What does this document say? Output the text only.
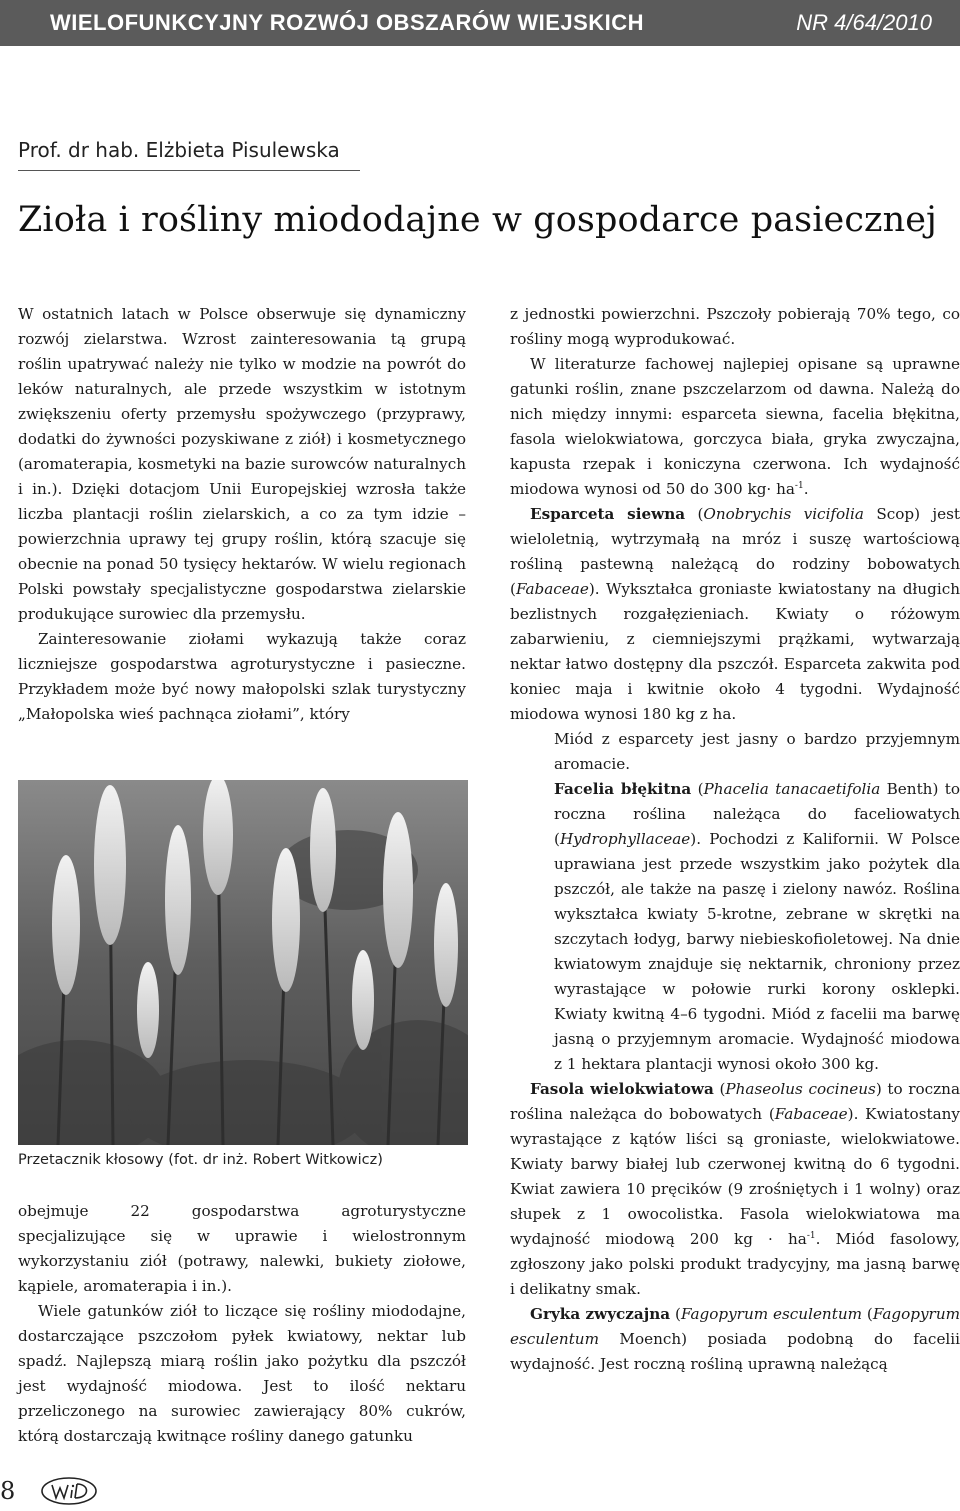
WIELOFUNKCYJNY ROZWÓJ OBSZARÓW WIEJSKICH	NR 4/64/2010
Prof. dr hab. Elżbieta Pisulewska
Zioła i rośliny miododajne w gospodarce pasiecznej

W ostatnich latach w Polsce obserwuje się dynamiczny rozwój zielarstwa. Wzrost zainteresowania tą grupą roślin upatrywać należy nie tylko w modzie na powrót do leków naturalnych, ale przede wszystkim w istotnym zwiększeniu oferty przemysłu spożywczego (przyprawy, dodatki do żywności pozyskiwane z ziół) i kosmetycznego (aromaterapia, kosmetyki na bazie surowców naturalnych i in.). Dzięki dotacjom Unii Europejskiej wzrosła także liczba plantacji roślin zielarskich, a co za tym idzie – powierzchnia uprawy tej grupy roślin, którą szacuje się obecnie na ponad 50 tysięcy hektarów. W wielu regionach Polski powstały specjalistyczne gospodarstwa zielarskie produkujące surowiec dla przemysłu.

Zainteresowanie ziołami wykazują także coraz liczniejsze gospodarstwa agroturystyczne i pasieczne. Przykładem może być nowy małopolski szlak turystyczny „Małopolska wieś pachnąca ziołami”, który

Przetacznik kłosowy (fot. dr inż. Robert Witkowicz)

obejmuje 22 gospodarstwa agroturystyczne specjalizujące się w uprawie i wielostronnym wykorzystaniu ziół (potrawy, nalewki, bukiety ziołowe, kąpiele, aromaterapia i in.).

Wiele gatunków ziół to liczące się rośliny miododajne, dostarczające pszczołom pyłek kwiatowy, nektar lub spadź. Najlepszą miarą roślin jako pożytku dla pszczół jest wydajność miodowa. Jest to ilość nektaru przeliczonego na surowiec zawierający 80% cukrów, którą dostarczają kwitnące rośliny danego gatunku

z jednostki powierzchni. Pszczoły pobierają 70% tego, co rośliny mogą wyprodukować.

W literaturze fachowej najlepiej opisane są uprawne gatunki roślin, znane pszczelarzom od dawna. Należą do nich między innymi: esparceta siewna, facelia błękitna, fasola wielokwiatowa, gorczyca biała, gryka zwyczajna, kapusta rzepak i koniczyna czerwona. Ich wydajność miodowa wynosi od 50 do 300 $kg\cdot ha^{-1}$.

Esparceta siewna (Onobrychis vicifolia Scop) jest wieloletnią, wytrzymałą na mróz i suszę wartościową rośliną pastewną należącą do rodziny bobowatych (Fabaceae). Wykształca groniaste kwiatostany na długich bezlistnych rozgałęzieniach. Kwiaty o różowym zabarwieniu, z ciemniejszymi prążkami, wytwarzają nektar łatwo dostępny dla pszczół. Esparceta zakwita pod koniec maja i kwitnie około 4 tygodni. Wydajność miodowa wynosi 180 kg z ha.

Miód z esparcety jest jasny o bardzo przyjemnym aromacie.

Facelia błękitna (Phacelia tanacaetifolia Benth) to roczna roślina należąca do faceliowatych (Hydrophyllaceae). Pochodzi z Kalifornii. W Polsce uprawiana jest przede wszystkim jako pożytek dla pszczół, ale także na paszę i zielony nawóz. Roślina wykształca kwiaty 5-krotne, zebrane w skrętki na szczytach łodyg, barwy niebieskofioletowej. Na dnie kwiatowym znajduje się nektarnik, chroniony przez wyrastające w połowie rurki korony osklepki. Kwiaty kwitną 4–6 tygodni. Miód z facelii ma barwę jasną o przyjemnym aromacie. Wydajność miodowa z 1 hektara plantacji wynosi około 300 kg.

Fasola wielokwiatowa (Phaseolus cocineus) to roczna roślina należąca do bobowatych (Fabaceae). Kwiatostany wyrastające z kątów liści są groniaste, wielokwiatowe. Kwiaty barwy białej lub czerwonej kwitną do 6 tygodni. Kwiat zawiera 10 pręcików (9 zrośniętych i 1 wolny) oraz słupek z 1 owocolistka. Fasola wielokwiatowa ma wydajność miodową 200 kg · $ha^{-1}$. Miód fasolowy, zgłoszony jako polski produkt tradycyjny, ma jasną barwę i delikatny smak.

Gryka zwyczajna (Fagopyrum esculentum (Fagopyrum esculentum Moench) posiada podobną do facelii wydajność. Jest roczną rośliną uprawną należącą

8
